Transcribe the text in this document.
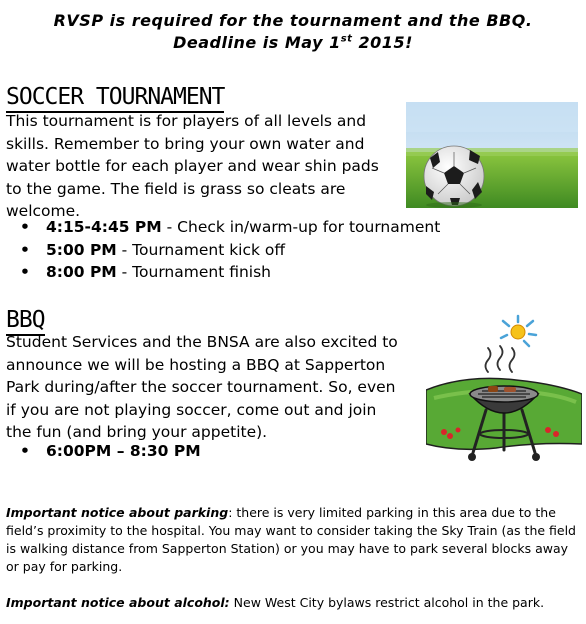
RVSP is required for the tournament and the BBQ.
Deadline is May 1st 2015!
SOCCER TOURNAMENT
This tournament is for players of all levels and
skills. Remember to bring your own water and
water bottle for each player and wear shin pads
to the game. The field is grass so cleats are
welcome.
• 4:15-4:45 PM - Check in/warm-up for tournament
• 5:00 PM - Tournament kick off
• 8:00 PM - Tournament finish
BBQ
Student Services and the BNSA are also excited to
announce we will be hosting a BBQ at Sapperton
Park during/after the soccer tournament. So, even
if you are not playing soccer, come out and join
the fun (and bring your appetite).
• 6:00PM – 8:30 PM
Important notice about parking: there is very limited parking in this area due to the field’s proximity to the hospital. You may want to consider taking the Sky Train (as the field is walking distance from Sapperton Station) or you may have to park several blocks away or pay for parking.
Important notice about alcohol: New West City bylaws restrict alcohol in the park.
